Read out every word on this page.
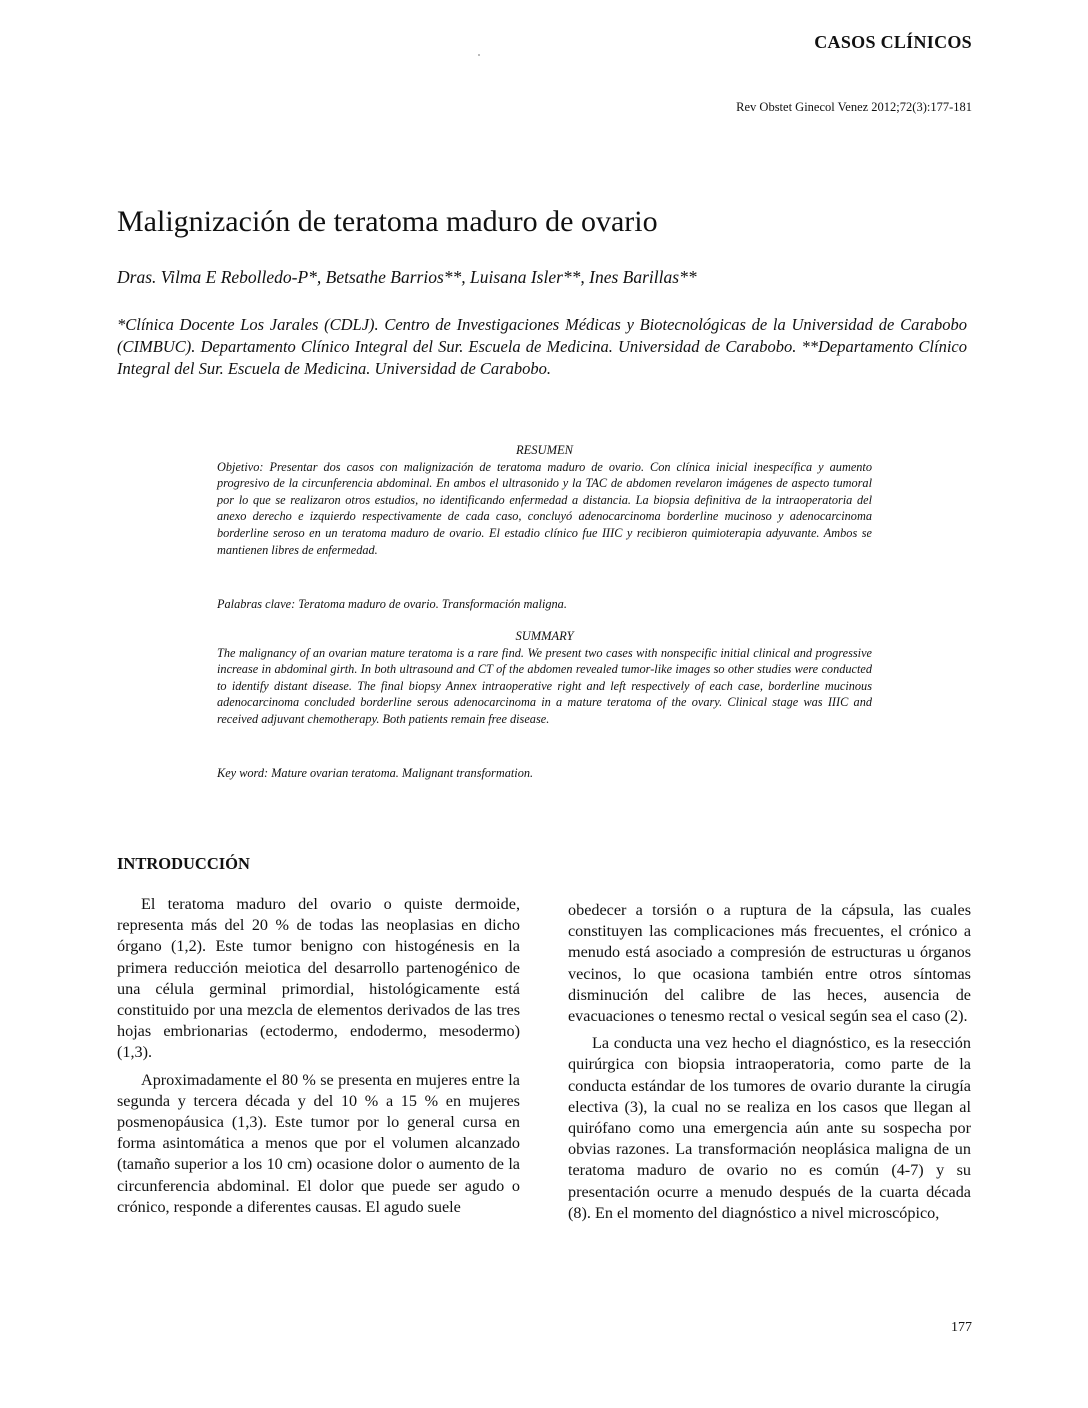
CASOS CLÍNICOS
Rev Obstet Ginecol Venez 2012;72(3):177-181
Malignización de teratoma maduro de ovario
Dras. Vilma E Rebolledo-P*, Betsathe Barrios**, Luisana Isler**, Ines Barillas**
*Clínica Docente Los Jarales (CDLJ). Centro de Investigaciones Médicas y Biotecnológicas de la Universidad de Carabobo (CIMBUC). Departamento Clínico Integral del Sur. Escuela de Medicina. Universidad de Carabobo. **Departamento Clínico Integral del Sur. Escuela de Medicina. Universidad de Carabobo.

RESUMEN

Objetivo: Presentar dos casos con malignización de teratoma maduro de ovario. Con clínica inicial inespecífica y aumento progresivo de la circunferencia abdominal. En ambos el ultrasonido y la TAC de abdomen revelaron imágenes de aspecto tumoral por lo que se realizaron otros estudios, no identificando enfermedad a distancia. La biopsia definitiva de la intraoperatoria del anexo derecho e izquierdo respectivamente de cada caso, concluyó adenocarcinoma borderline mucinoso y adenocarcinoma borderline seroso en un teratoma maduro de ovario. El estadio clínico fue IIIC y recibieron quimioterapia adyuvante. Ambos se mantienen libres de enfermedad.

Palabras clave: Teratoma maduro de ovario. Transformación maligna.

SUMMARY

The malignancy of an ovarian mature teratoma is a rare find. We present two cases with nonspecific initial clinical and progressive increase in abdominal girth. In both ultrasound and CT of the abdomen revealed tumor-like images so other studies were conducted to identify distant disease. The final biopsy Annex intraoperative right and left respectively of each case, borderline mucinous adenocarcinoma concluded borderline serous adenocarcinoma in a mature teratoma of the ovary. Clinical stage was IIIC and received adjuvant chemotherapy. Both patients remain free disease.

Key word: Mature ovarian teratoma. Malignant transformation.
INTRODUCCIÓN

El teratoma maduro del ovario o quiste dermoide, representa más del 20 % de todas las neoplasias en dicho órgano (1,2). Este tumor benigno con histogénesis en la primera reducción meiotica del desarrollo partenogénico de una célula germinal primordial, histológicamente está constituido por una mezcla de elementos derivados de las tres hojas embrionarias (ectodermo, endodermo, mesodermo) (1,3).

Aproximadamente el 80 % se presenta en mujeres entre la segunda y tercera década y del 10 % a 15 % en mujeres posmenopáusica (1,3). Este tumor por lo general cursa en forma asintomática a menos que por el volumen alcanzado (tamaño superior a los 10 cm) ocasione dolor o aumento de la circunferencia abdominal. El dolor que puede ser agudo o crónico, responde a diferentes causas. El agudo suele

obedecer a torsión o a ruptura de la cápsula, las cuales constituyen las complicaciones más frecuentes, el crónico a menudo está asociado a compresión de estructuras u órganos vecinos, lo que ocasiona también entre otros síntomas disminución del calibre de las heces, ausencia de evacuaciones o tenesmo rectal o vesical según sea el caso (2).

La conducta una vez hecho el diagnóstico, es la resección quirúrgica con biopsia intraoperatoria, como parte de la conducta estándar de los tumores de ovario durante la cirugía electiva (3), la cual no se realiza en los casos que llegan al quirófano como una emergencia aún ante su sospecha por obvias razones. La transformación neoplásica maligna de un teratoma maduro de ovario no es común (4-7) y su presentación ocurre a menudo después de la cuarta década (8). En el momento del diagnóstico a nivel microscópico,

177
